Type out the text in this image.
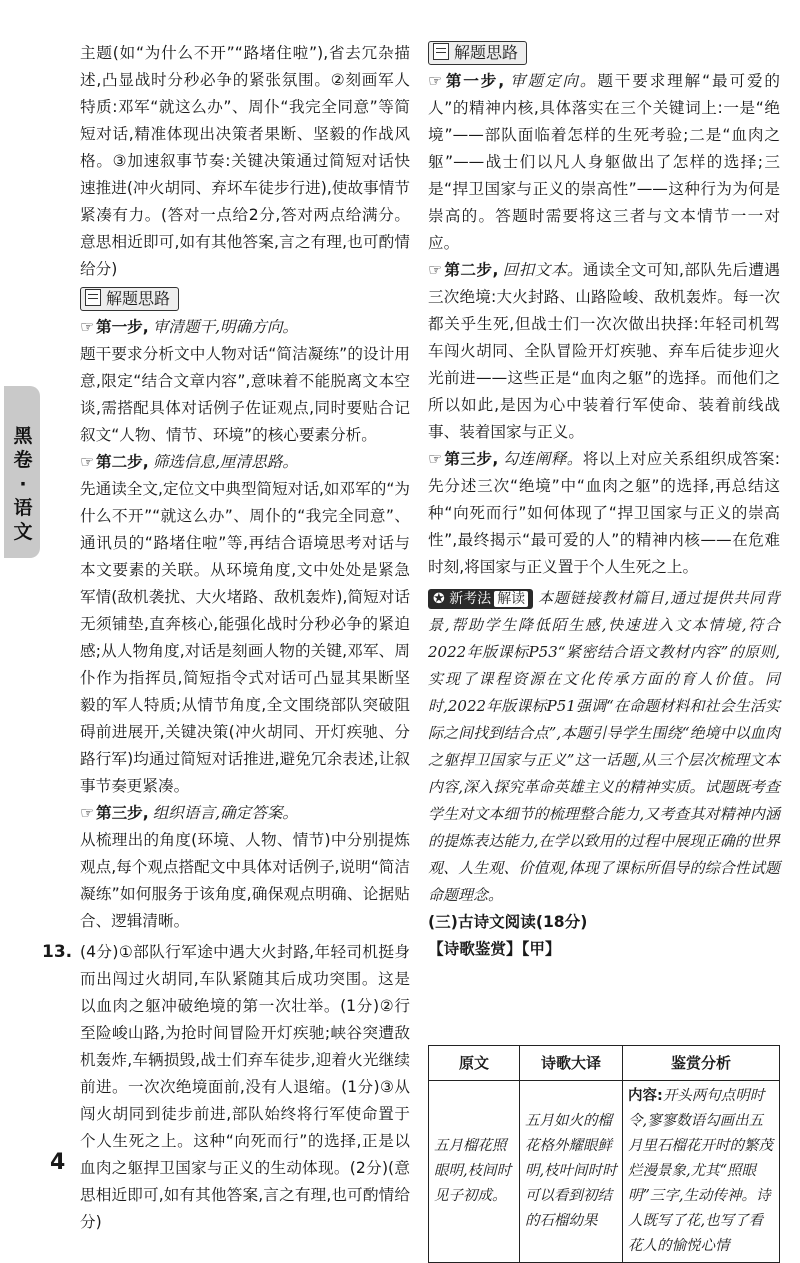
黑卷·语文

主题(如“为什么不开”“路堵住啦”),省去冗杂描述,凸显战时分秒必争的紧张氛围。②刻画军人特质:邓军“就这么办”、周仆“我完全同意”等简短对话,精准体现出决策者果断、坚毅的作战风格。③加速叙事节奏:关键决策通过简短对话快速推进(冲火胡同、弃坏车徒步行进),使故事情节紧凑有力。(答对一点给2分,答对两点给满分。意思相近即可,如有其他答案,言之有理,也可酌情给分)

解题思路

☞ 第一步, 审清题干,明确方向。

题干要求分析文中人物对话“简洁凝练”的设计用意,限定“结合文章内容”,意味着不能脱离文本空谈,需搭配具体对话例子佐证观点,同时要贴合记叙文“人物、情节、环境”的核心要素分析。

☞ 第二步, 筛选信息,厘清思路。

先通读全文,定位文中典型简短对话,如邓军的“为什么不开”“就这么办”、周仆的“我完全同意”、通讯员的“路堵住啦”等,再结合语境思考对话与本文要素的关联。从环境角度,文中处处是紧急军情(敌机袭扰、大火堵路、敌机轰炸),简短对话无须铺垫,直奔核心,能强化战时分秒必争的紧迫感;从人物角度,对话是刻画人物的关键,邓军、周仆作为指挥员,简短指令式对话可凸显其果断坚毅的军人特质;从情节角度,全文围绕部队突破阻碍前进展开,关键决策(冲火胡同、开灯疾驰、分路行军)均通过简短对话推进,避免冗余表述,让叙事节奏更紧凑。

☞ 第三步, 组织语言,确定答案。

从梳理出的角度(环境、人物、情节)中分别提炼观点,每个观点搭配文中具体对话例子,说明“简洁凝练”如何服务于该角度,确保观点明确、论据贴合、逻辑清晰。

13. (4分)①部队行军途中遇大火封路,年轻司机挺身而出闯过火胡同,车队紧随其后成功突围。这是以血肉之躯冲破绝境的第一次壮举。(1分)②行至险峻山路,为抢时间冒险开灯疾驰;峡谷突遭敌机轰炸,车辆损毁,战士们弃车徒步,迎着火光继续前进。一次次绝境面前,没有人退缩。(1分)③从闯火胡同到徒步前进,部队始终将行军使命置于个人生死之上。这种“向死而行”的选择,正是以血肉之躯捍卫国家与正义的生动体现。(2分)(意思相近即可,如有其他答案,言之有理,也可酌情给分)

解题思路

☞ 第一步, 审题定向。题干要求理解“最可爱的人”的精神内核,具体落实在三个关键词上:一是“绝境”——部队面临着怎样的生死考验;二是“血肉之躯”——战士们以凡人身躯做出了怎样的选择;三是“捍卫国家与正义的崇高性”——这种行为为何是崇高的。答题时需要将这三者与文本情节一一对应。

☞ 第二步, 回扣文本。通读全文可知,部队先后遭遇三次绝境:大火封路、山路险峻、敌机轰炸。每一次都关乎生死,但战士们一次次做出抉择:年轻司机驾车闯火胡同、全队冒险开灯疾驰、弃车后徒步迎火光前进——这些正是“血肉之躯”的选择。而他们之所以如此,是因为心中装着行军使命、装着前线战事、装着国家与正义。

☞ 第三步, 勾连阐释。将以上对应关系组织成答案:先分述三次“绝境”中“血肉之躯”的选择,再总结这种“向死而行”如何体现了“捍卫国家与正义的崇高性”,最终揭示“最可爱的人”的精神内核——在危难时刻,将国家与正义置于个人生死之上。

✪ 新考法 解读 本题链接教材篇目,通过提供共同背景,帮助学生降低陌生感,快速进入文本情境,符合2022年版课标P53“紧密结合语文教材内容”的原则,实现了课程资源在文化传承方面的育人价值。同时,2022年版课标P51强调“在命题材料和社会生活实际之间找到结合点”,本题引导学生围绕“绝境中以血肉之躯捍卫国家与正义”这一话题,从三个层次梳理文本内容,深入探究革命英雄主义的精神实质。试题既考查学生对文本细节的梳理整合能力,又考查其对精神内涵的提炼表达能力,在学以致用的过程中展现正确的世界观、人生观、价值观,体现了课标所倡导的综合性试题命题理念。

(三)古诗文阅读(18分)

【诗歌鉴赏】【甲】

原文	诗歌大译	鉴赏分析
五月榴花照眼明,枝间时见子初成。	五月如火的榴花格外耀眼鲜明,枝叶间时时可以看到初结的石榴幼果	内容:开头两句点明时令,寥寥数语勾画出五月里石榴花开时的繁茂烂漫景象,尤其“照眼明”三字,生动传神。诗人既写了花,也写了看花人的愉悦心情
4
